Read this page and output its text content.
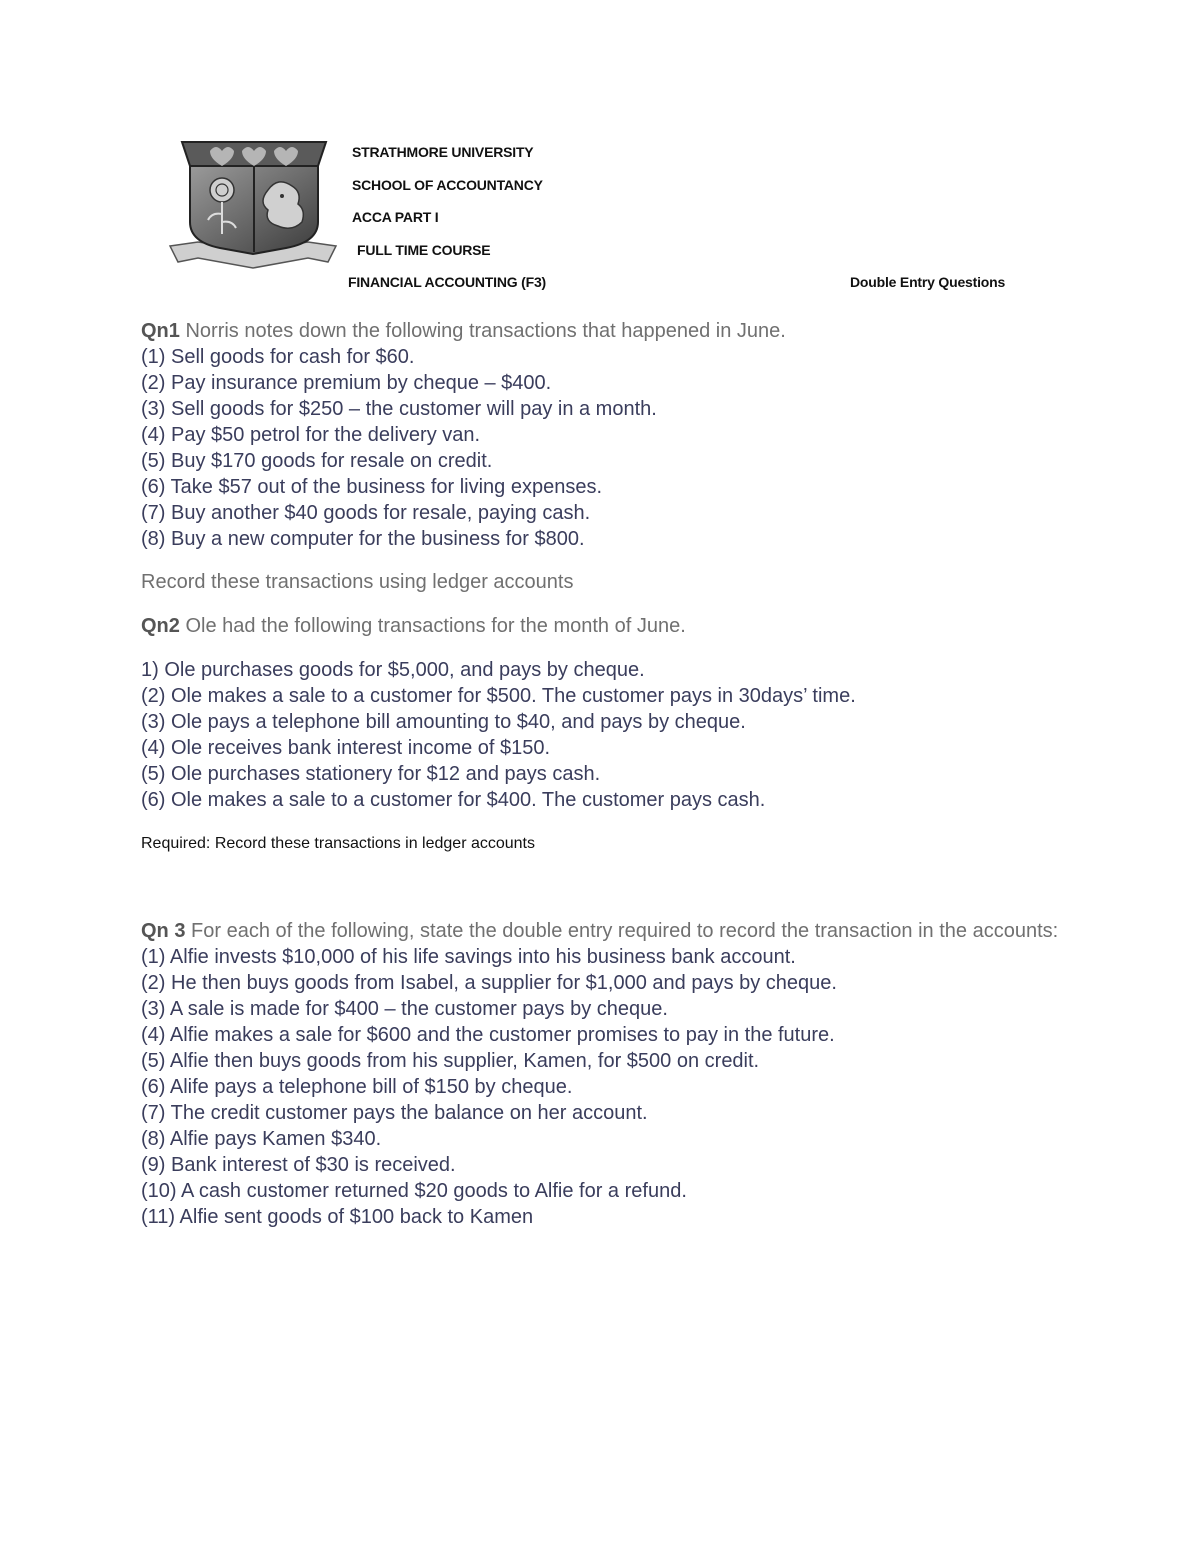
STRATHMORE UNIVERSITY
SCHOOL OF ACCOUNTANCY
ACCA PART I
FULL TIME COURSE
FINANCIAL ACCOUNTING (F3)	Double Entry Questions
Qn1 Norris notes down the following transactions that happened in June.
(1) Sell goods for cash for $60.
(2) Pay insurance premium by cheque – $400.
(3) Sell goods for $250 – the customer will pay in a month.
(4) Pay $50 petrol for the delivery van.
(5) Buy $170 goods for resale on credit.
(6) Take $57 out of the business for living expenses.
(7) Buy another $40 goods for resale, paying cash.
(8) Buy a new computer for the business for $800.
Record these transactions using ledger accounts
Qn2 Ole had the following transactions for the month of June.
1) Ole purchases goods for $5,000, and pays by cheque.
(2) Ole makes a sale to a customer for $500. The customer pays in 30days’ time.
(3) Ole pays a telephone bill amounting to $40, and pays by cheque.
(4) Ole receives bank interest income of $150.
(5) Ole purchases stationery for $12 and pays cash.
(6) Ole makes a sale to a customer for $400. The customer pays cash.
Required: Record these transactions in ledger accounts
Qn 3 For each of the following, state the double entry required to record the transaction in the accounts:
(1) Alfie invests $10,000 of his life savings into his business bank account.
(2) He then buys goods from Isabel, a supplier for $1,000 and pays by cheque.
(3) A sale is made for $400 – the customer pays by cheque.
(4) Alfie makes a sale for $600 and the customer promises to pay in the future.
(5) Alfie then buys goods from his supplier, Kamen, for $500 on credit.
(6) Alife pays a telephone bill of $150 by cheque.
(7) The credit customer pays the balance on her account.
(8) Alfie pays Kamen $340.
(9) Bank interest of $30 is received.
(10) A cash customer returned $20 goods to Alfie for a refund.
(11) Alfie sent goods of $100 back to Kamen
